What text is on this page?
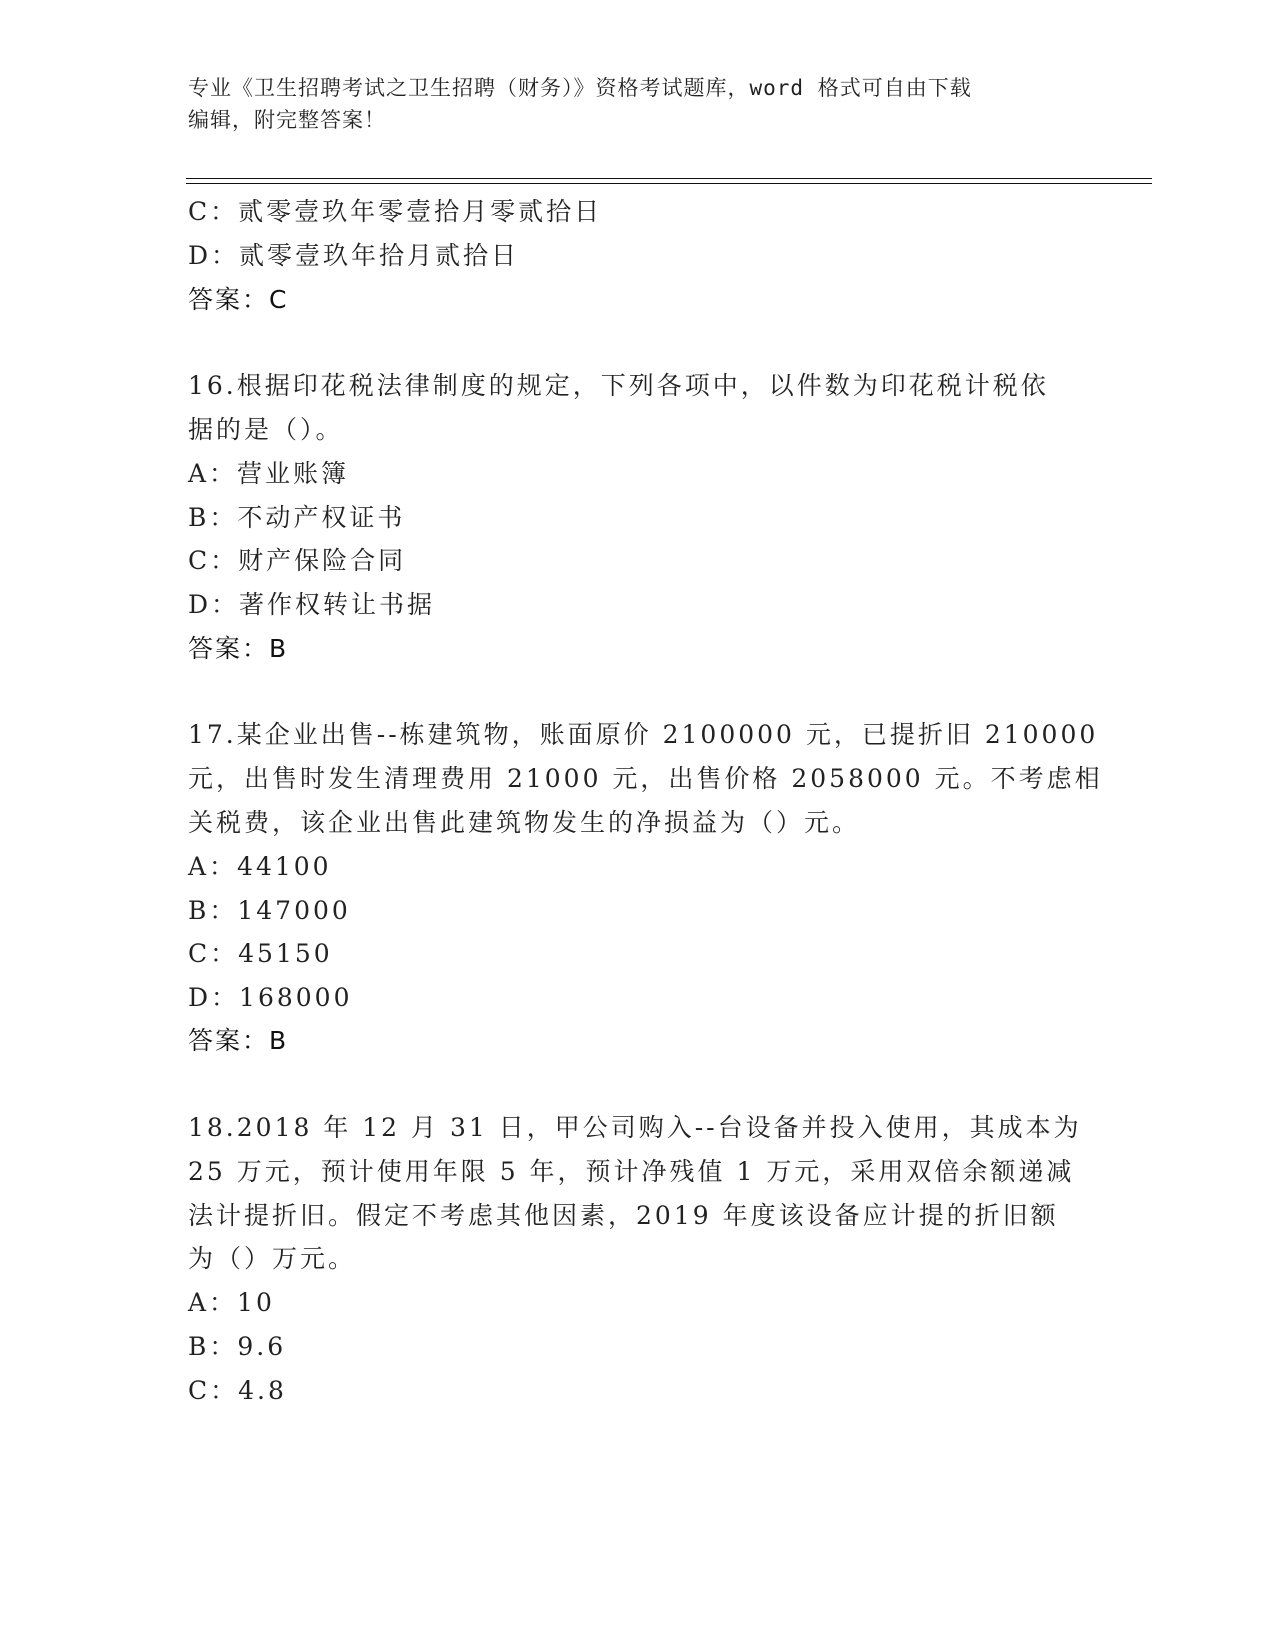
专业《卫生招聘考试之卫生招聘（财务）》资格考试题库，word 格式可自由下载
编辑，附完整答案！
C：贰零壹玖年零壹拾月零贰拾日
D：贰零壹玖年拾月贰拾日
答案：C
16.根据印花税法律制度的规定，下列各项中，以件数为印花税计税依
据的是（）。
A：营业账簿
B：不动产权证书
C：财产保险合同
D：著作权转让书据
答案：B
17.某企业出售--栋建筑物，账面原价 2100000 元，已提折旧 210000
元，出售时发生清理费用 21000 元，出售价格 2058000 元。不考虑相
关税费，该企业出售此建筑物发生的净损益为（）元。
A：44100
B：147000
C：45150
D：168000
答案：B
18.2018 年 12 月 31 日，甲公司购入--台设备并投入使用，其成本为
25 万元，预计使用年限 5 年，预计净残值 1 万元，采用双倍余额递减
法计提折旧。假定不考虑其他因素，2019 年度该设备应计提的折旧额
为（）万元。
A：10
B：9.6
C：4.8
